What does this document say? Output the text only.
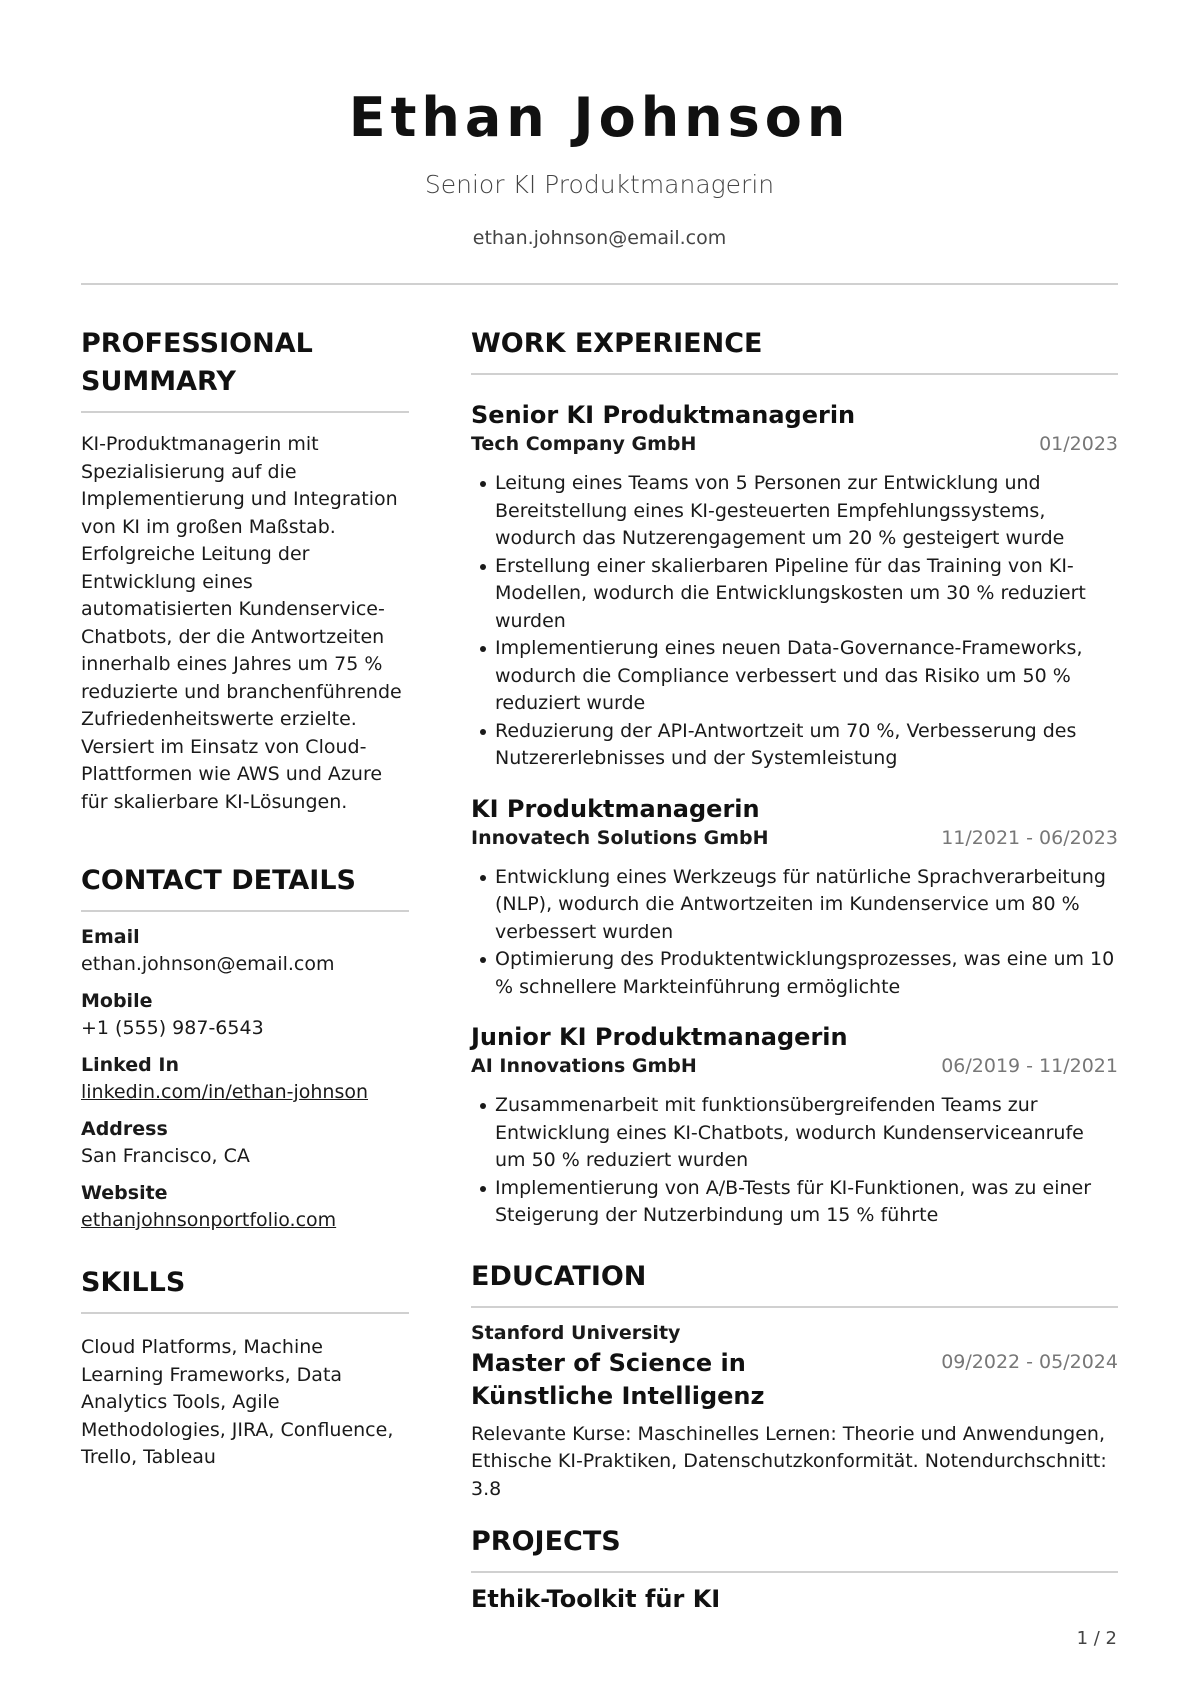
Ethan Johnson
Senior KI Produktmanagerin
ethan.johnson@email.com
PROFESSIONAL
SUMMARY
KI-Produktmanagerin mit Spezialisierung auf die Implementierung und Integration von KI im großen Maßstab. Erfolgreiche Leitung der Entwicklung eines automatisierten Kundenservice-Chatbots, der die Antwortzeiten innerhalb eines Jahres um 75 % reduzierte und branchenführende Zufriedenheitswerte erzielte. Versiert im Einsatz von Cloud-Plattformen wie AWS und Azure für skalierbare KI-Lösungen.
CONTACT DETAILS
Email
ethan.johnson@email.com
Mobile
+1 (555) 987-6543
Linked In
linkedin.com/in/ethan-johnson
Address
San Francisco, CA
Website
ethanjohnsonportfolio.com
SKILLS
Cloud Platforms, Machine Learning Frameworks, Data Analytics Tools, Agile Methodologies, JIRA, Confluence, Trello, Tableau
WORK EXPERIENCE
Senior KI Produktmanagerin
Tech Company GmbH	01/2023
Leitung eines Teams von 5 Personen zur Entwicklung und Bereitstellung eines KI-gesteuerten Empfehlungssystems, wodurch das Nutzerengagement um 20 % gesteigert wurde
Erstellung einer skalierbaren Pipeline für das Training von KI-Modellen, wodurch die Entwicklungskosten um 30 % reduziert wurden
Implementierung eines neuen Data-Governance-Frameworks, wodurch die Compliance verbessert und das Risiko um 50 % reduziert wurde
Reduzierung der API-Antwortzeit um 70 %, Verbesserung des Nutzererlebnisses und der Systemleistung
KI Produktmanagerin
Innovatech Solutions GmbH	11/2021 - 06/2023
Entwicklung eines Werkzeugs für natürliche Sprachverarbeitung (NLP), wodurch die Antwortzeiten im Kundenservice um 80 % verbessert wurden
Optimierung des Produktentwicklungsprozesses, was eine um 10 % schnellere Markteinführung ermöglichte
Junior KI Produktmanagerin
AI Innovations GmbH	06/2019 - 11/2021
Zusammenarbeit mit funktionsübergreifenden Teams zur Entwicklung eines KI-Chatbots, wodurch Kundenserviceanrufe um 50 % reduziert wurden
Implementierung von A/B-Tests für KI-Funktionen, was zu einer Steigerung der Nutzerbindung um 15 % führte
EDUCATION
Stanford University
Master of Science in Künstliche Intelligenz
09/2022 - 05/2024
Relevante Kurse: Maschinelles Lernen: Theorie und Anwendungen, Ethische KI-Praktiken, Datenschutzkonformität. Notendurchschnitt: 3.8
PROJECTS
Ethik-Toolkit für KI
1 / 2
